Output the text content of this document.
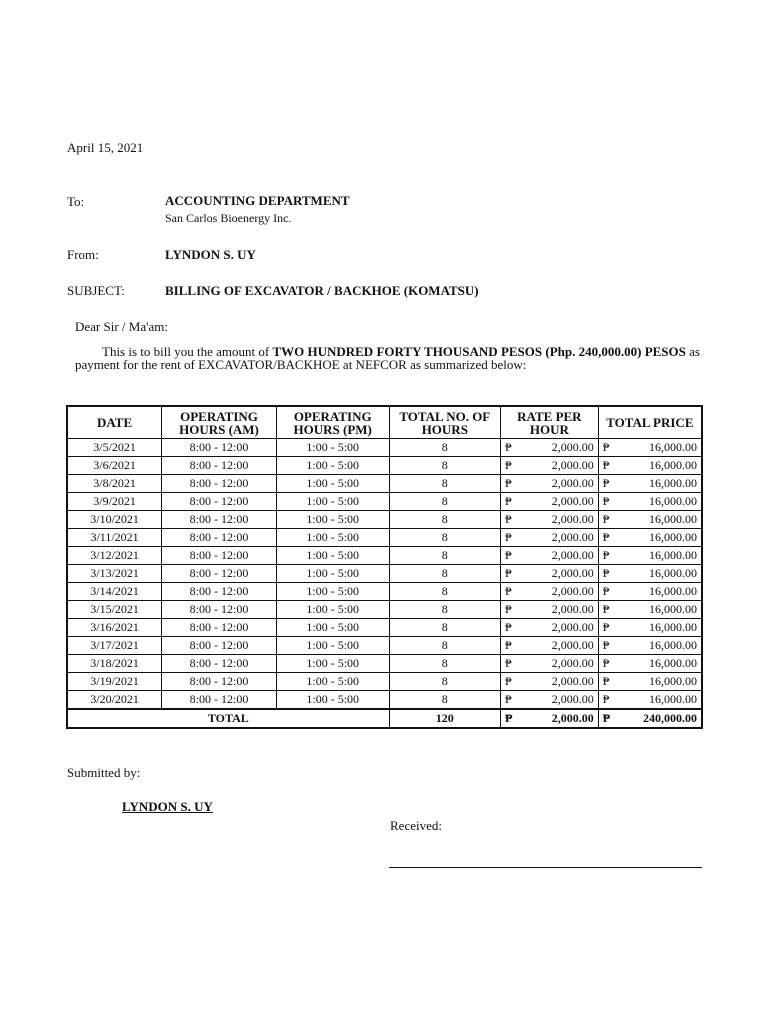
April 15, 2021
To:	ACCOUNTING DEPARTMENT
San Carlos Bioenergy Inc.
From:	LYNDON S. UY
SUBJECT:	BILLING OF EXCAVATOR / BACKHOE (KOMATSU)
Dear Sir / Ma'am:
This is to bill you the amount of TWO HUNDRED FORTY THOUSAND PESOS (Php. 240,000.00) PESOS as payment for the rent of EXCAVATOR/BACKHOE at NEFCOR as summarized below:
DATE	OPERATING HOURS (AM)	OPERATING HOURS (PM)	TOTAL NO. OF HOURS	RATE PER HOUR	TOTAL PRICE
3/5/2021	8:00 - 12:00	1:00 - 5:00	8	₱ 2,000.00	₱ 16,000.00

3/6/2021	8:00 - 12:00	1:00 - 5:00	8	₱ 2,000.00	₱ 16,000.00

3/8/2021	8:00 - 12:00	1:00 - 5:00	8	₱ 2,000.00	₱ 16,000.00

3/9/2021	8:00 - 12:00	1:00 - 5:00	8	₱ 2,000.00	₱ 16,000.00

3/10/2021	8:00 - 12:00	1:00 - 5:00	8	₱ 2,000.00	₱ 16,000.00

3/11/2021	8:00 - 12:00	1:00 - 5:00	8	₱ 2,000.00	₱ 16,000.00

3/12/2021	8:00 - 12:00	1:00 - 5:00	8	₱ 2,000.00	₱ 16,000.00

3/13/2021	8:00 - 12:00	1:00 - 5:00	8	₱ 2,000.00	₱ 16,000.00

3/14/2021	8:00 - 12:00	1:00 - 5:00	8	₱ 2,000.00	₱ 16,000.00

3/15/2021	8:00 - 12:00	1:00 - 5:00	8	₱ 2,000.00	₱ 16,000.00

3/16/2021	8:00 - 12:00	1:00 - 5:00	8	₱ 2,000.00	₱ 16,000.00

3/17/2021	8:00 - 12:00	1:00 - 5:00	8	₱ 2,000.00	₱ 16,000.00

3/18/2021	8:00 - 12:00	1:00 - 5:00	8	₱ 2,000.00	₱ 16,000.00

3/19/2021	8:00 - 12:00	1:00 - 5:00	8	₱ 2,000.00	₱ 16,000.00

3/20/2021	8:00 - 12:00	1:00 - 5:00	8	₱ 2,000.00	₱ 16,000.00

TOTAL			120	₱ 2,000.00	₱ 240,000.00
Submitted by:
LYNDON S. UY
Received:
